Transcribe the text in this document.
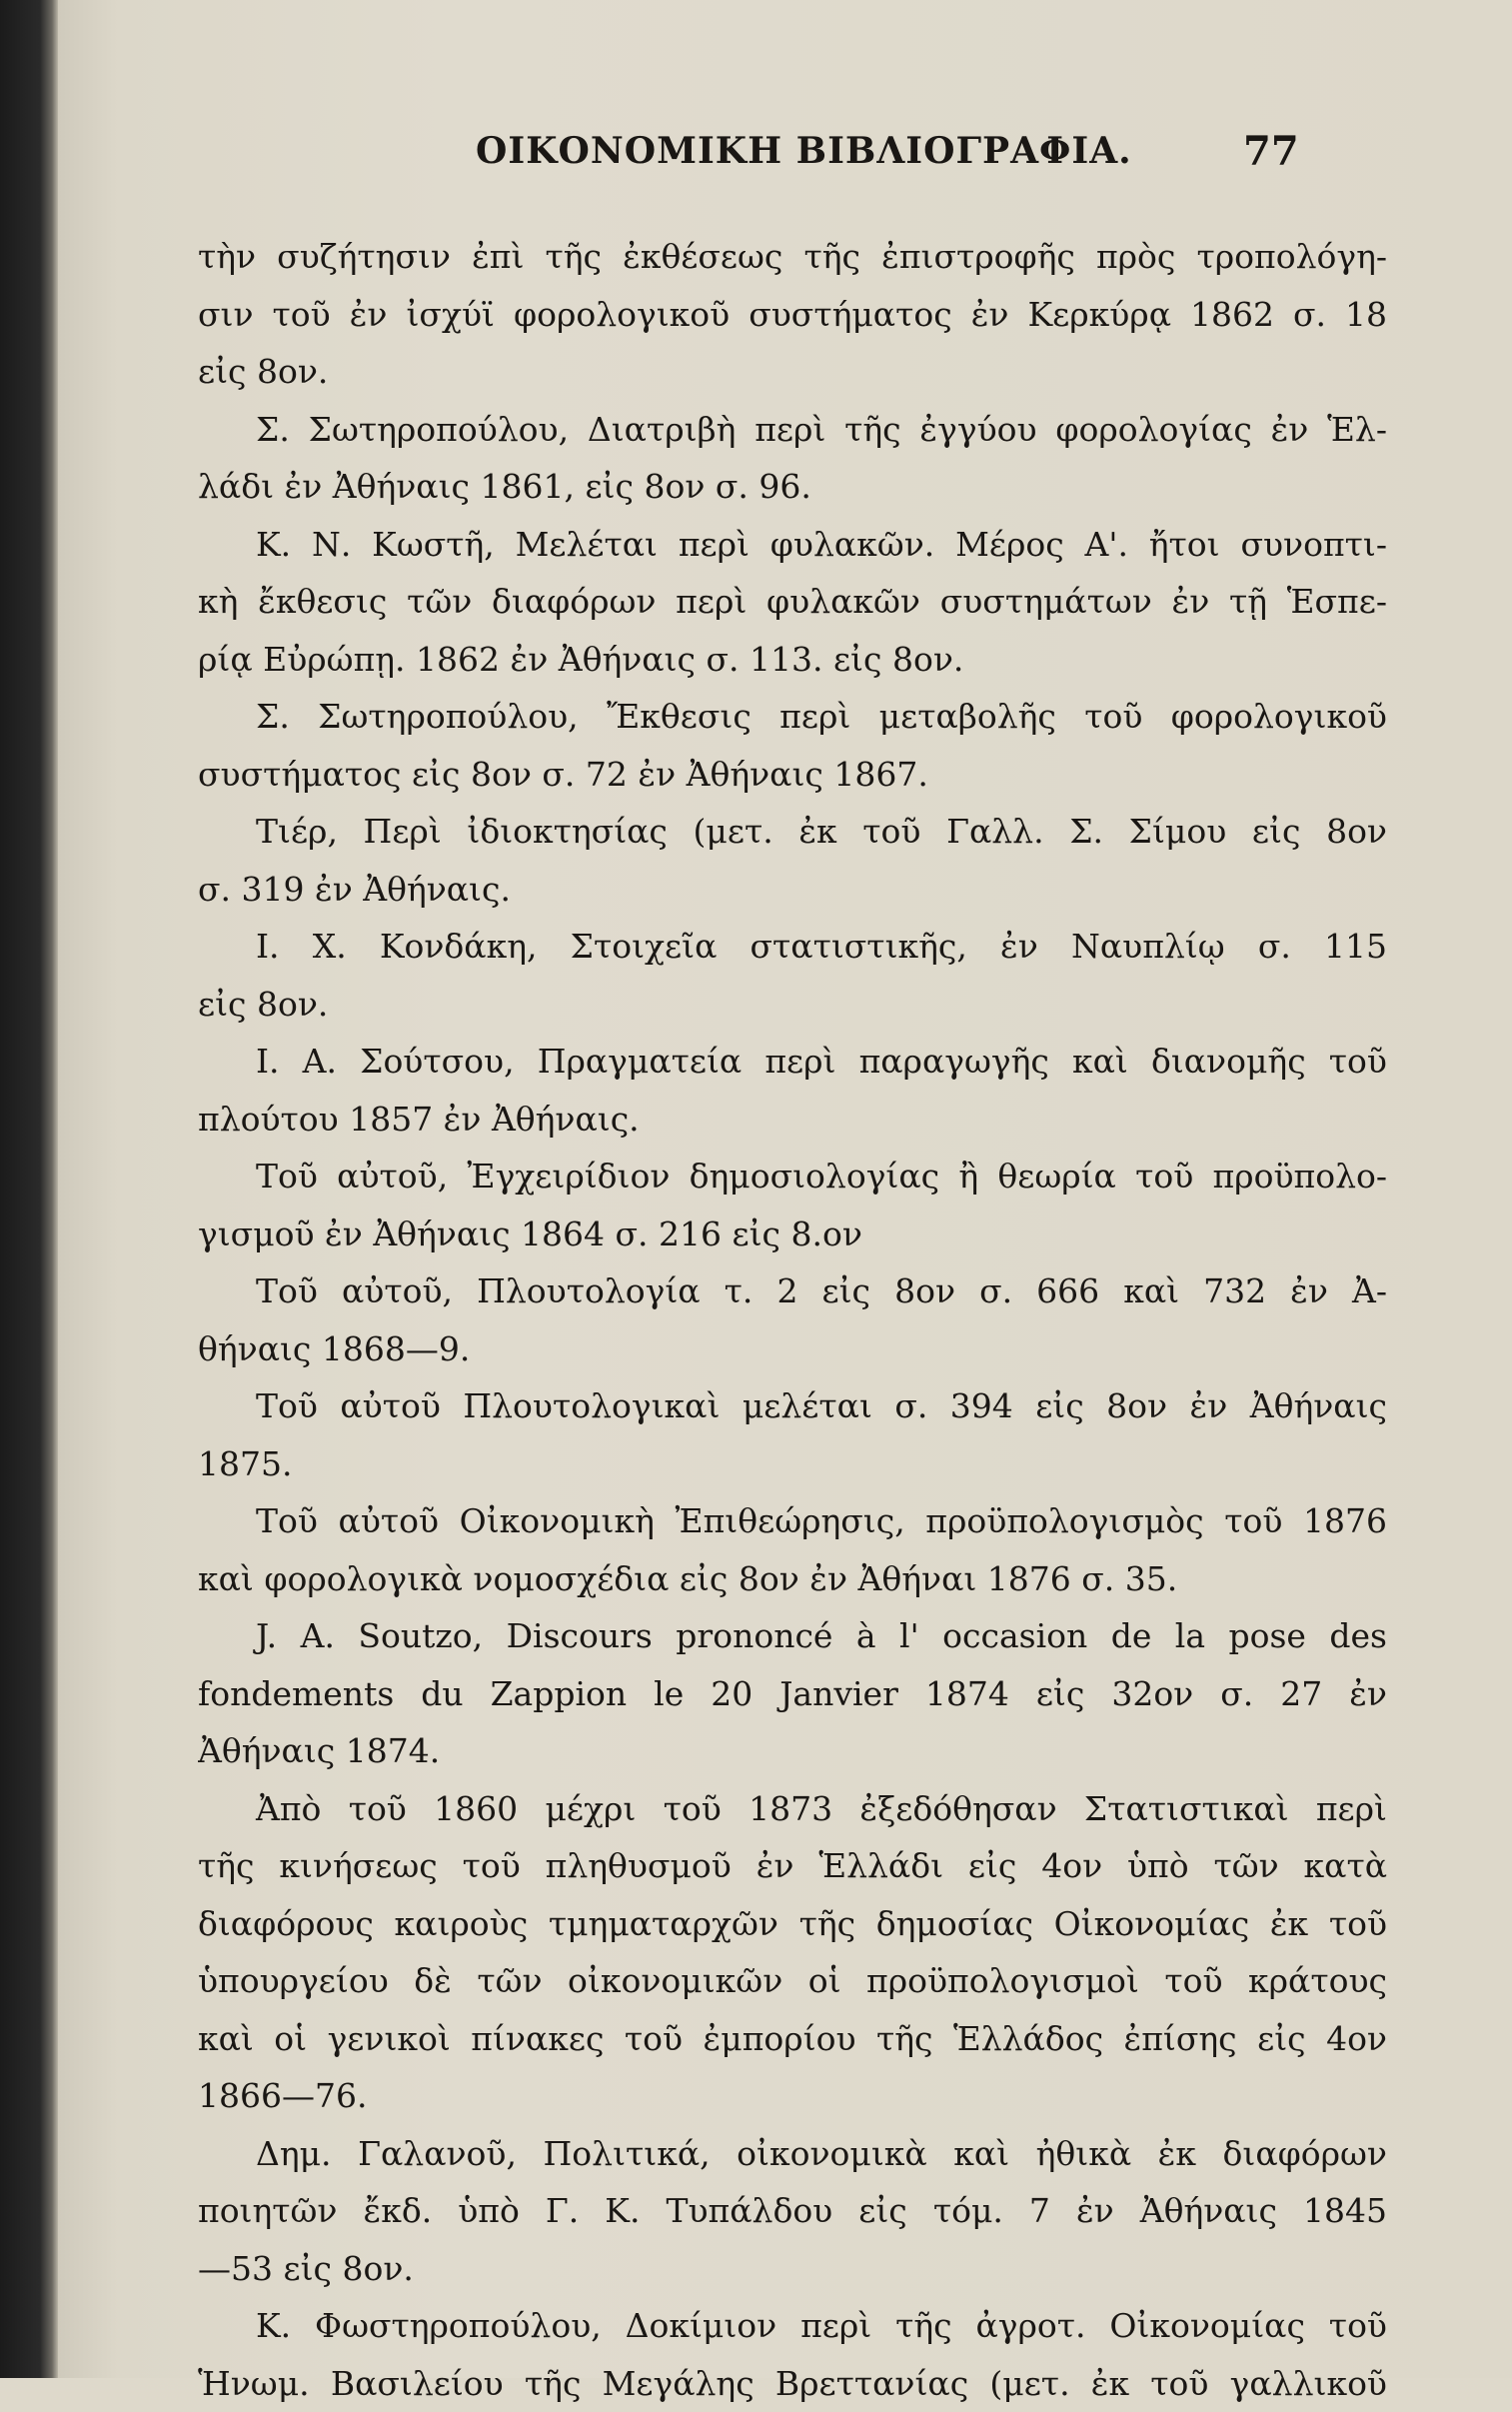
ΟΙΚΟΝΟΜΙΚΗ ΒΙΒΛΙΟΓΡΑΦΙΑ.	77
τὴν συζήτησιν ἐπὶ τῆς ἐκθέσεως τῆς ἐπιστροφῆς πρὸς τροπολόγη-
σιν τοῦ ἐν ἰσχύϊ φορολογικοῦ συστήματος ἐν Κερκύρᾳ 1862 σ. 18
εἰς 8ον.
Σ. Σωτηροπούλου, Διατριβὴ περὶ τῆς ἐγγύου φορολογίας ἐν Ἑλ-
λάδι ἐν Ἀθήναις 1861, εἰς 8ον σ. 96.
Κ. Ν. Κωστῆ, Μελέται περὶ φυλακῶν. Μέρος Α'. ἤτοι συνοπτι-
κὴ ἔκθεσις τῶν διαφόρων περὶ φυλακῶν συστημάτων ἐν τῇ Ἑσπε-
ρίᾳ Εὐρώπῃ. 1862 ἐν Ἀθήναις σ. 113. εἰς 8ον.
Σ. Σωτηροπούλου, Ἔκθεσις περὶ μεταβολῆς τοῦ φορολογικοῦ
συστήματος εἰς 8ον σ. 72 ἐν Ἀθήναις 1867.
Τιέρ, Περὶ ἰδιοκτησίας (μετ. ἐκ τοῦ Γαλλ. Σ. Σίμου εἰς 8ον
σ. 319 ἐν Ἀθήναις.
Ι. Χ. Κονδάκη, Στοιχεῖα στατιστικῆς, ἐν Ναυπλίῳ σ. 115
εἰς 8ον.
Ι. Α. Σούτσου, Πραγματεία περὶ παραγωγῆς καὶ διανομῆς τοῦ
πλούτου 1857 ἐν Ἀθήναις.
Τοῦ αὐτοῦ, Ἐγχειρίδιον δημοσιολογίας ἢ θεωρία τοῦ προϋπολο-
γισμοῦ ἐν Ἀθήναις 1864 σ. 216 εἰς 8.ον
Τοῦ αὐτοῦ, Πλουτολογία τ. 2 εἰς 8ον σ. 666 καὶ 732 ἐν Ἀ-
θήναις 1868—9.
Τοῦ αὐτοῦ Πλουτολογικαὶ μελέται σ. 394 εἰς 8ον ἐν Ἀθήναις
1875.
Τοῦ αὐτοῦ Οἰκονομικὴ Ἐπιθεώρησις, προϋπολογισμὸς τοῦ 1876
καὶ φορολογικὰ νομοσχέδια εἰς 8ον ἐν Ἀθήναι 1876 σ. 35.
J. A. Soutzo, Discours prononcé à l' occasion de la pose des
fondements du Zappion le 20 Janvier 1874 εἰς 32ον σ. 27 ἐν
Ἀθήναις 1874.
Ἀπὸ τοῦ 1860 μέχρι τοῦ 1873 ἐξεδόθησαν Στατιστικαὶ περὶ
τῆς κινήσεως τοῦ πληθυσμοῦ ἐν Ἑλλάδι εἰς 4ον ὑπὸ τῶν κατὰ
διαφόρους καιροὺς τμηματαρχῶν τῆς δημοσίας Οἰκονομίας ἐκ τοῦ
ὑπουργείου δὲ τῶν οἰκονομικῶν οἱ προϋπολογισμοὶ τοῦ κράτους
καὶ οἱ γενικοὶ πίνακες τοῦ ἐμπορίου τῆς Ἑλλάδος ἐπίσης εἰς 4ον
1866—76.
Δημ. Γαλανοῦ, Πολιτικά, οἰκονομικὰ καὶ ἠθικὰ ἐκ διαφόρων
ποιητῶν ἔκδ. ὑπὸ Γ. Κ. Τυπάλδου εἰς τόμ. 7 ἐν Ἀθήναις 1845
—53 εἰς 8ον.
Κ. Φωστηροπούλου, Δοκίμιον περὶ τῆς ἀγροτ. Οἰκονομίας τοῦ
Ἡνωμ. Βασιλείου τῆς Μεγάλης Βρεττανίας (μετ. ἐκ τοῦ γαλλικοῦ
